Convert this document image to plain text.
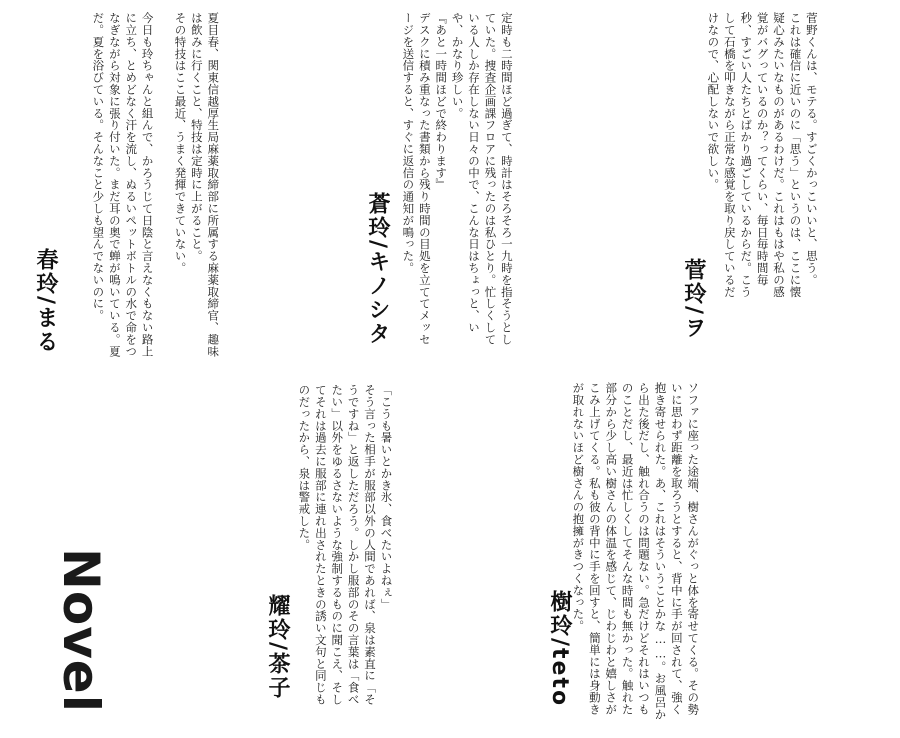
菅野くんは、モテる。すごくかっこいいと、思う。
これは確信に近いのに「思う」というのは、ここに懐疑心みたいなものがあるわけだ。これはもはや私の感覚がバグっているのか？ってくらい、毎日毎時間毎秒、すごい人たちとばかり過ごしているからだ。こうして石橋を叩きながら正常な感覚を取り戻しているだけなので、心配しないで欲しい。

菅玲/ヲ

定時も二時間ほど過ぎて、時計はそろそろ一九時を指そうとしていた。捜査企画課フロアに残ったのは私ひとり。忙しくしている人しか存在しない日々の中で、こんな日はちょっと、いや、かなり珍しい。
『あと一時間ほどで終わります』
デスクに積み重なった書類から残り時間の目処を立ててメッセージを送信すると、すぐに返信の通知が鳴った。

蒼玲/キノシタ

夏目春、関東信越厚生局麻薬取締部に所属する麻薬取締官、趣味は飲みに行くこと、特技は定時に上がること。
その特技はここ最近、うまく発揮できていない。

今日も玲ちゃんと組んで、かろうじて日陰と言えなくもない路上に立ち、とめどなく汗を流し、ぬるいペットボトルの水で命をつなぎながら対象に張り付いた。まだ耳の奥で蝉が鳴いている。夏だ。夏を浴びている。そんなこと少しも望んでないのに。

春玲/まる

ソファに座った途端、樹さんがぐっと体を寄せてくる。その勢いに思わず距離を取ろうとすると、背中に手が回されて、強く抱き寄せられた。あ、これはそういうことかな……。お風呂から出た後だし、触れ合うのは問題ない。急だけどそれはいつものことだし、最近は忙しくしてそんな時間も無かった。触れた部分から少し高い樹さんの体温を感じて、じわじわと嬉しさがこみ上げてくる。私も彼の背中に手を回すと、簡単には身動きが取れないほど樹さんの抱擁がきつくなった。

樹玲/teto

「こうも暑いとかき氷、食べたいよねぇ」
そう言った相手が服部以外の人間であれば、泉は素直に「そうですね」と返しただろう。しかし服部のその言葉は「食べたい」以外をゆるさないような強制するものに聞こえ、そしてそれは過去に服部に連れ出されたときの誘い文句と同じものだったから、泉は警戒した。

耀玲/茶子

Novel
